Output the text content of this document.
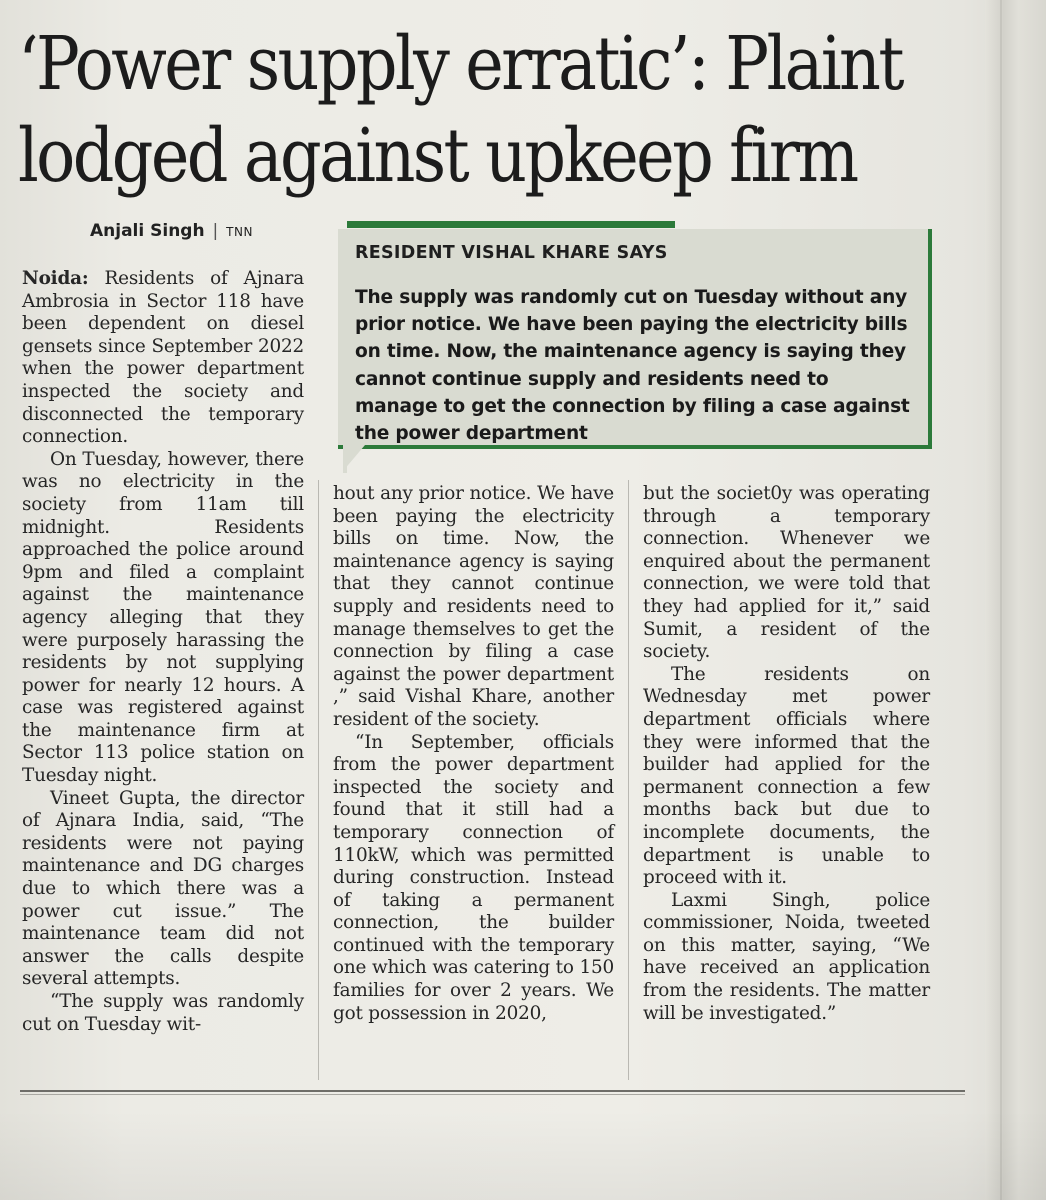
‘Power supply erratic’: Plaint
lodged against upkeep firm
Anjali Singh | TNN
RESIDENT VISHAL KHARE SAYS
The supply was randomly cut on Tuesday without any prior notice. We have been paying the electricity bills on time. Now, the maintenance agency is saying they cannot continue supply and residents need to manage to get the connection by filing a case against the power department

Noida: Residents of Ajnara Ambrosia in Sector 118 have been dependent on diesel gensets since September 2022 when the power department inspected the society and disconnected the temporary connection.

On Tuesday, however, there was no electricity in the society from 11am till midnight. Residents approached the police around 9pm and filed a complaint against the maintenance agency alleging that they were purposely harassing the residents by not supplying power for nearly 12 hours. A case was registered against the maintenance firm at Sector 113 police station on Tuesday night.

Vineet Gupta, the director of Ajnara India, said, “The residents were not paying maintenance and DG charges due to which there was a power cut issue.” The maintenance team did not answer the calls despite several attempts.

“The supply was randomly cut on Tuesday wit-

hout any prior notice. We have been paying the electricity bills on time. Now, the maintenance agency is saying that they cannot continue supply and residents need to manage themselves to get the connection by filing a case against the power department ,” said Vishal Khare, another resident of the society.

“In September, officials from the power department inspected the society and found that it still had a temporary connection of 110kW, which was permitted during construction. Instead of taking a permanent connection, the builder continued with the temporary one which was catering to 150 families for over 2 years. We got possession in 2020,

but the societ0y was operating through a temporary connection. Whenever we enquired about the permanent connection, we were told that they had applied for it,” said Sumit, a resident of the society.

The residents on Wednesday met power department officials where they were informed that the builder had applied for the permanent connection a few months back but due to incomplete documents, the department is unable to proceed with it.

Laxmi Singh, police commissioner, Noida, tweeted on this matter, saying, “We have received an application from the residents. The matter will be investigated.”
